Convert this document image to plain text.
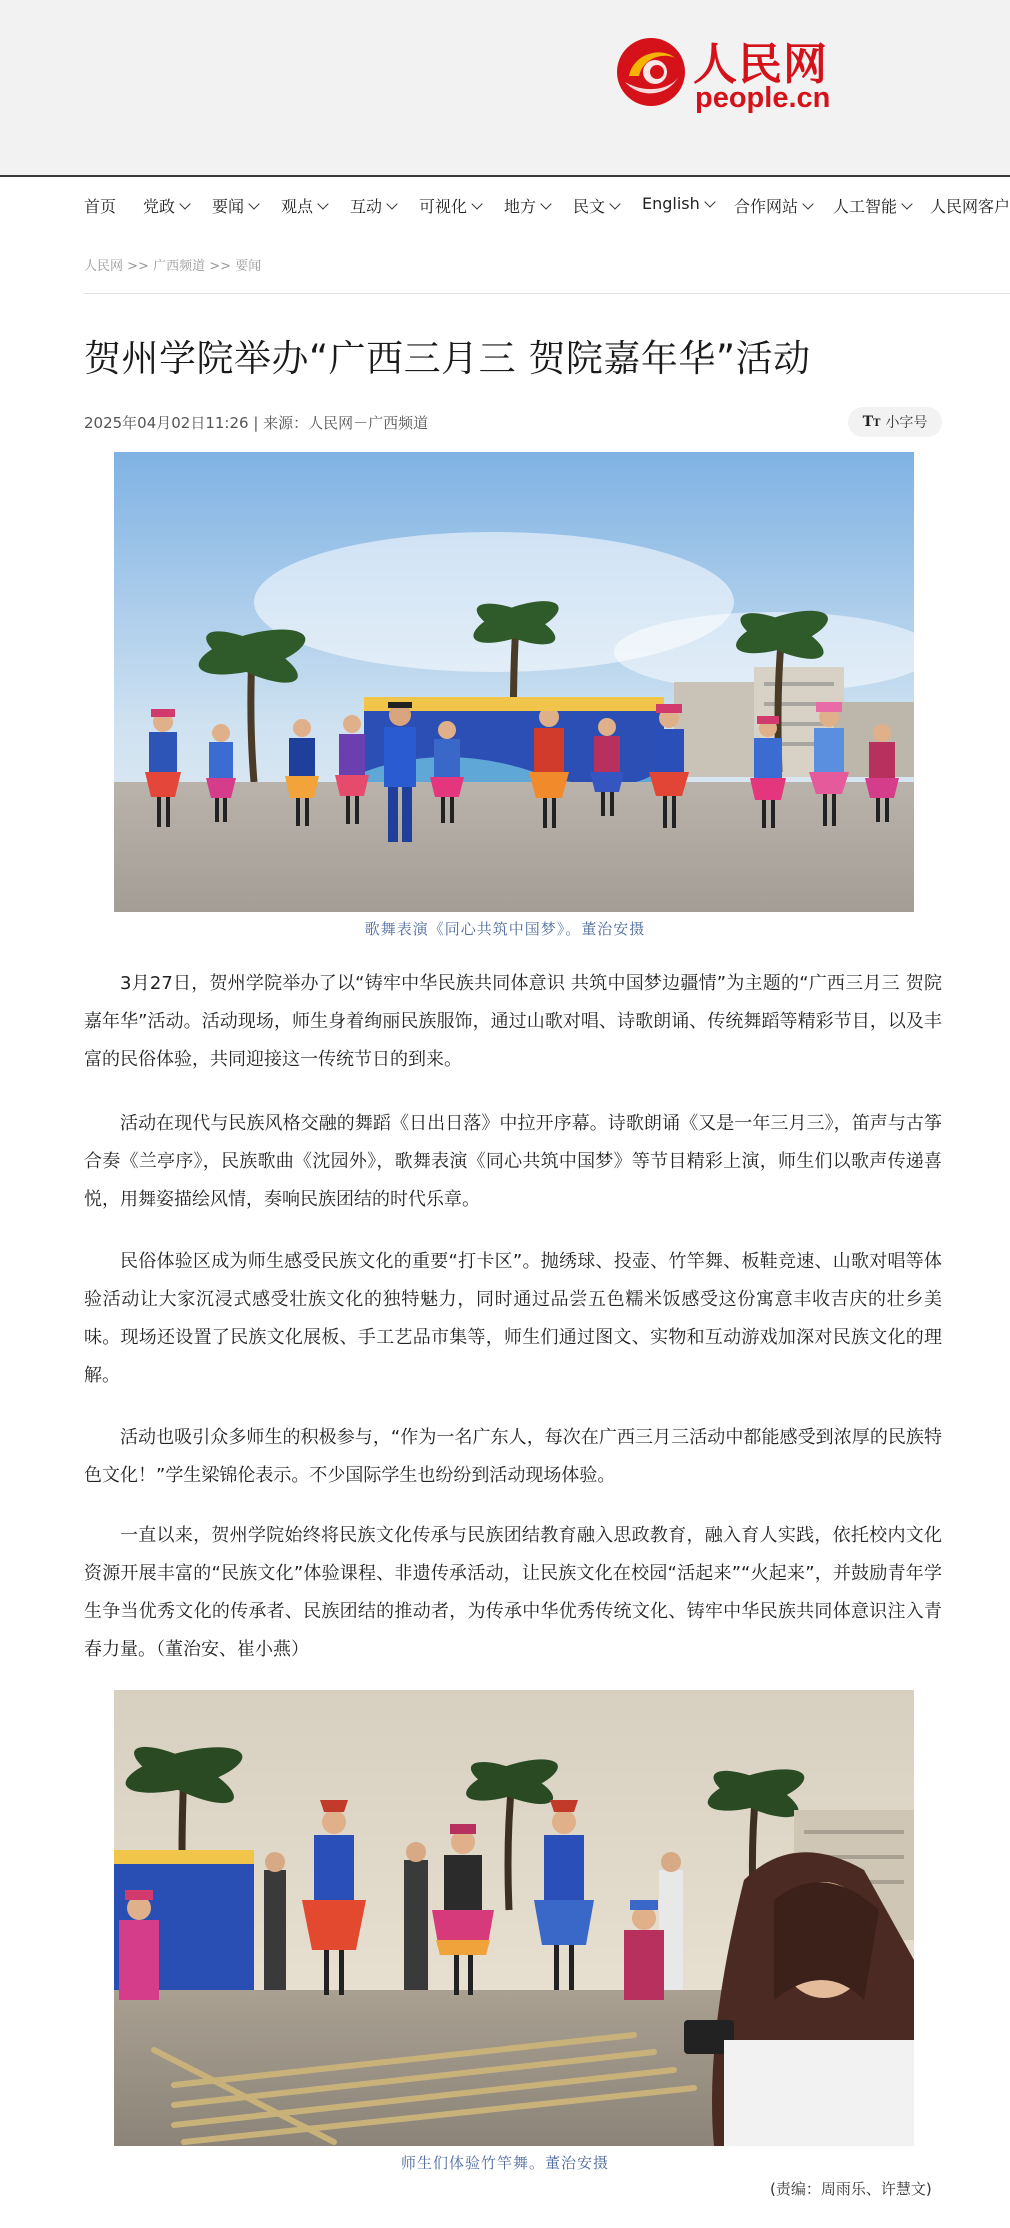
人民网
people.cn
首页 党政 要闻 观点 互动 可视化 地方 民文 English 合作网站 人工智能 人民网客户
人民网 >> 广西频道 >> 要闻
贺州学院举办“广西三月三 贺院嘉年华”活动
2025年04月02日11:26 | 来源：人民网－广西频道	TT 小字号
歌舞表演《同心共筑中国梦》。董治安摄

3月27日，贺州学院举办了以“铸牢中华民族共同体意识 共筑中国梦边疆情”为主题的“广西三月三 贺院嘉年华”活动。活动现场，师生身着绚丽民族服饰，通过山歌对唱、诗歌朗诵、传统舞蹈等精彩节目，以及丰富的民俗体验，共同迎接这一传统节日的到来。

活动在现代与民族风格交融的舞蹈《日出日落》中拉开序幕。诗歌朗诵《又是一年三月三》，笛声与古筝合奏《兰亭序》，民族歌曲《沈园外》，歌舞表演《同心共筑中国梦》等节目精彩上演，师生们以歌声传递喜悦，用舞姿描绘风情，奏响民族团结的时代乐章。

民俗体验区成为师生感受民族文化的重要“打卡区”。抛绣球、投壶、竹竿舞、板鞋竞速、山歌对唱等体验活动让大家沉浸式感受壮族文化的独特魅力，同时通过品尝五色糯米饭感受这份寓意丰收吉庆的壮乡美味。现场还设置了民族文化展板、手工艺品市集等，师生们通过图文、实物和互动游戏加深对民族文化的理解。

活动也吸引众多师生的积极参与，“作为一名广东人，每次在广西三月三活动中都能感受到浓厚的民族特色文化！”学生梁锦伦表示。不少国际学生也纷纷到活动现场体验。

一直以来，贺州学院始终将民族文化传承与民族团结教育融入思政教育，融入育人实践，依托校内文化资源开展丰富的“民族文化”体验课程、非遗传承活动，让民族文化在校园“活起来”“火起来”，并鼓励青年学生争当优秀文化的传承者、民族团结的推动者，为传承中华优秀传统文化、铸牢中华民族共同体意识注入青春力量。（董治安、崔小燕）

师生们体验竹竿舞。董治安摄
(责编：周雨乐、许慧文)
